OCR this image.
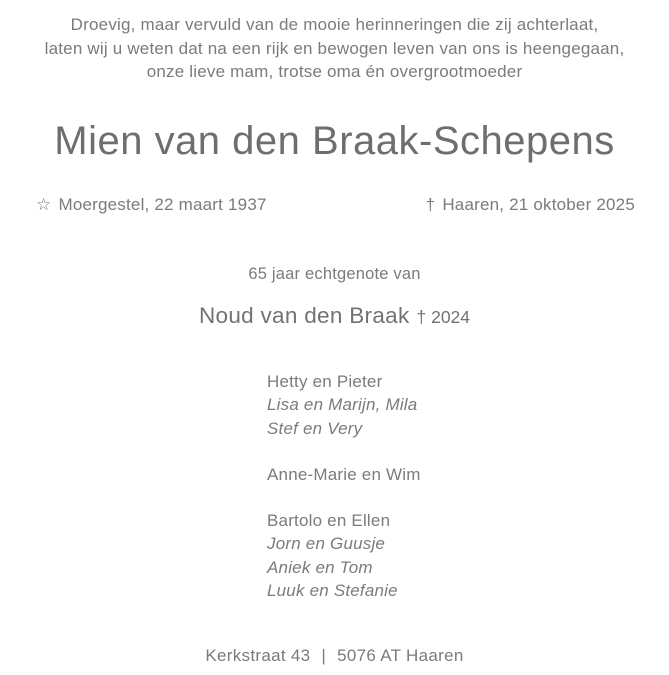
Droevig, maar vervuld van de mooie herinneringen die zij achterlaat,
laten wij u weten dat na een rijk en bewogen leven van ons is heengegaan,
onze lieve mam, trotse oma én overgrootmoeder
Mien van den Braak-Schepens
☆ Moergestel, 22 maart 1937	† Haaren, 21 oktober 2025
65 jaar echtgenote van
Noud van den Braak † 2024
Hetty en Pieter
Lisa en Marijn, Mila
Stef en Very
Anne-Marie en Wim
Bartolo en Ellen
Jorn en Guusje
Aniek en Tom
Luuk en Stefanie
Kerkstraat 43 | 5076 AT Haaren
